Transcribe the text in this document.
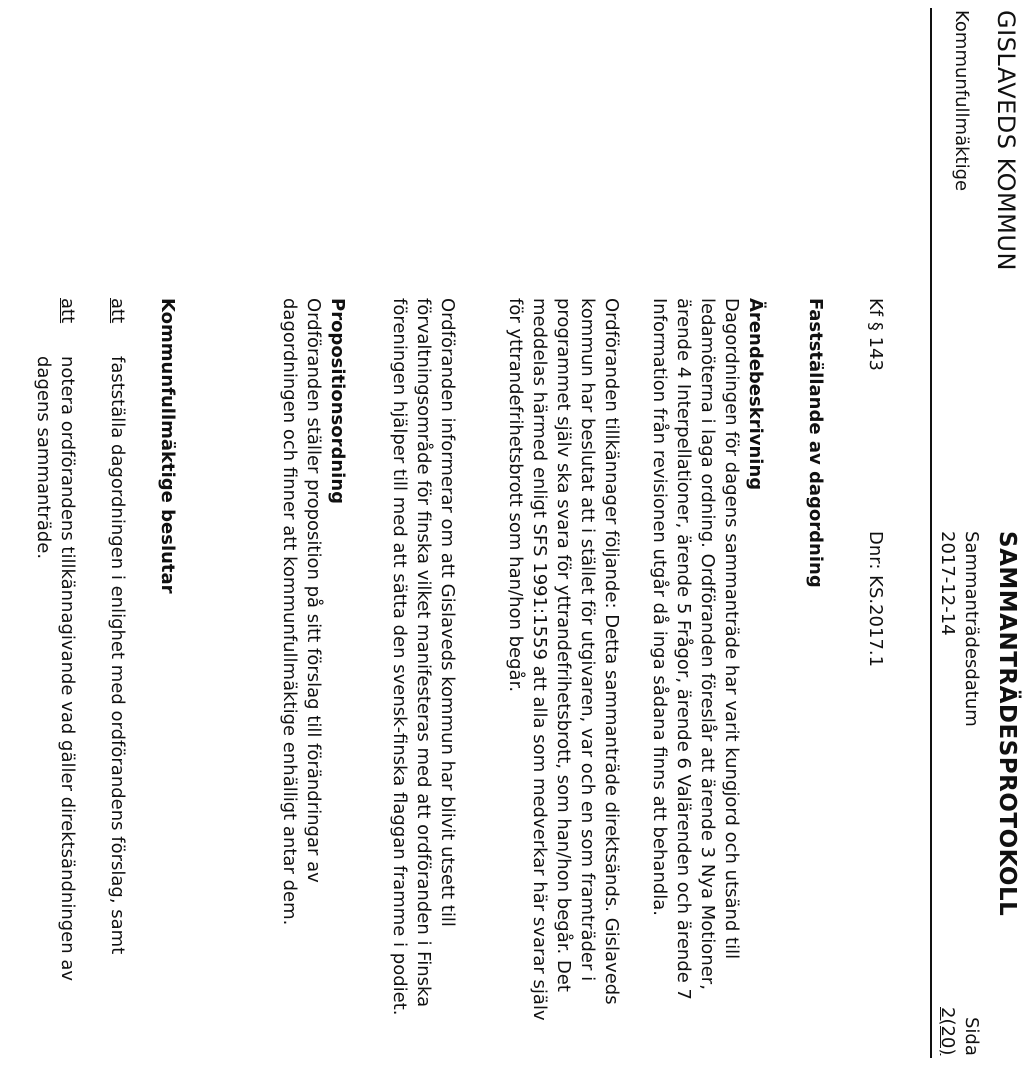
GISLAVEDS KOMMUN
SAMMANTRÄDESPROTOKOLL
Kommunfullmäktige
Sammanträdesdatum
2017-12-14
Sida
2(20)
Kf § 143
Dnr: KS.2017.1
Fastställande av dagordning
Ärendebeskrivning
Dagordningen för dagens sammanträde har varit kungjord och utsänd till
ledamöterna i laga ordning. Ordföranden föreslår att ärende 3 Nya Motioner,
ärende 4 Interpellationer, ärende 5 Frågor, ärende 6 Valärenden och ärende 7
Information från revisionen utgår då inga sådana finns att behandla.
Ordföranden tillkännager följande: Detta sammanträde direktsänds. Gislaveds
kommun har beslutat att i stället för utgivaren, var och en som framträder i
programmet själv ska svara för yttrandefrihetsbrott, som han/hon begår. Det
meddelas härmed enligt SFS 1991:1559 att alla som medverkar här svarar själv
för yttrandefrihetsbrott som han/hon begår.
Ordföranden informerar om att Gislaveds kommun har blivit utsett till
förvaltningsområde för finska vilket manifesteras med att ordföranden i Finska
föreningen hjälper till med att sätta den svensk-finska flaggan framme i podiet.
Propositionsordning
Ordföranden ställer proposition på sitt förslag till förändringar av
dagordningen och finner att kommunfullmäktige enhälligt antar dem.
Kommunfullmäktige beslutar
att
fastställa dagordningen i enlighet med ordförandens förslag, samt
att
notera ordförandens tillkännagivande vad gäller direktsändningen av
dagens sammanträde.
